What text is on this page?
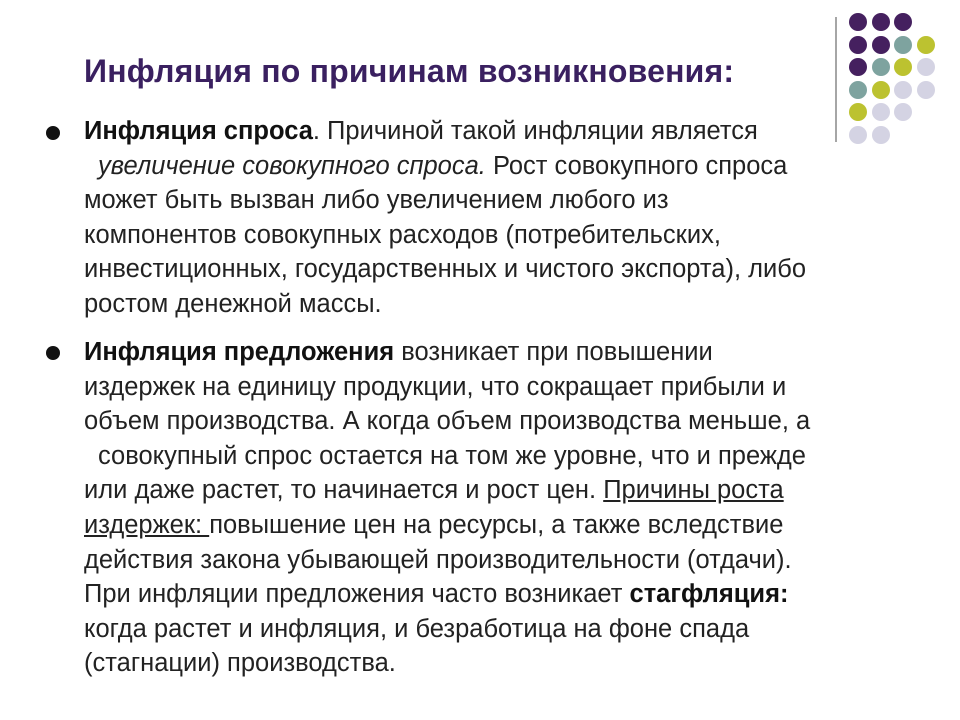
Инфляция по причинам возникновения:
Инфляция спроса. Причиной такой инфляции является
увеличение совокупного спроса. Рост совокупного спроса
может быть вызван либо увеличением любого из
компонентов совокупных расходов (потребительских,
инвестиционных, государственных и чистого экспорта), либо
ростом денежной массы.
Инфляция предложения возникает при повышении
издержек на единицу продукции, что сокращает прибыли и
объем производства. А когда объем производства меньше, а
совокупный спрос остается на том же уровне, что и прежде
или даже растет, то начинается и рост цен. Причины роста
издержек: повышение цен на ресурсы, а также вследствие
действия закона убывающей производительности (отдачи).
При инфляции предложения часто возникает стагфляция:
когда растет и инфляция, и безработица на фоне спада
(стагнации) производства.
